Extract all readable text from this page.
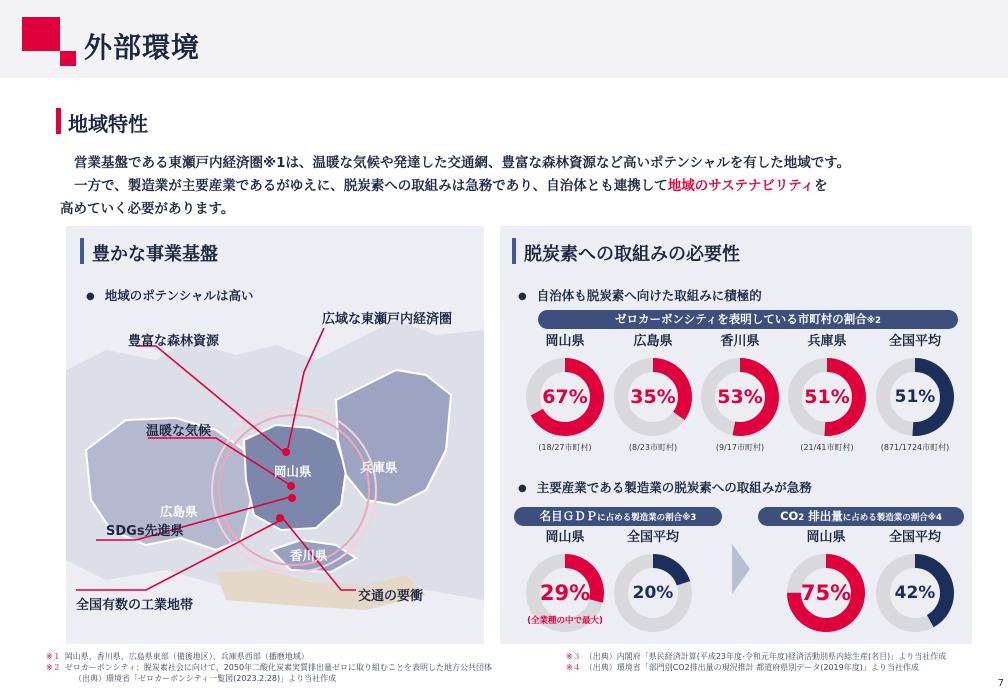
外部環境
地域特性

営業基盤である東瀬戸内経済圏※1は、温暖な気候や発達した交通網、豊富な森林資源など高いポテンシャルを有した地域です。

一方で、製造業が主要産業であるがゆえに、脱炭素への取組みは急務であり、自治体とも連携して地域のサステナビリティを

高めていく必要があります。

豊かな事業基盤
● 地域のポテンシャルは高い
広域な東瀬戸内経済圏
豊富な森林資源
温暖な気候
SDGs先進県
全国有数の工業地帯
交通の要衝
岡山県	兵庫県
広島県
香川県
脱炭素への取組みの必要性
● 自治体も脱炭素へ向けた取組みに積極的
ゼロカーボンシティを表明している市町村の割合※2
● 主要産業である製造業の脱炭素への取組みが急務
名目ＧＤＰに占める製造業の割合※3	CO2 排出量に占める製造業の割合※4
※１ 岡山県、香川県、広島県東部（備後地区）、兵庫県西部（播磨地域）
※２ ゼロカーボンシティ：脱炭素社会に向けて、2050年二酸化炭素実質排出量ゼロに取り組むことを表明した地方公共団体
（出典）環境省「ゼロカーボンシティ一覧図(2023.2.28)」より当社作成
※３ （出典）内閣府「県民経済計算(平成23年度-令和元年度)経済活動別県内総生産(名目)」より当社作成
※４ （出典）環境省「部門別CO2排出量の現況推計 都道府県別データ(2019年度)」より当社作成
7
岡山県
67%
(18/27市町村)
広島県
35%
(8/23市町村)
香川県
53%
(9/17市町村)
兵庫県
51%
(21/41市町村)
全国平均
51%
(871/1724市町村)
岡山県
29%
(全業種の中で最大)
全国平均
20%
岡山県
75%
全国平均
42%
